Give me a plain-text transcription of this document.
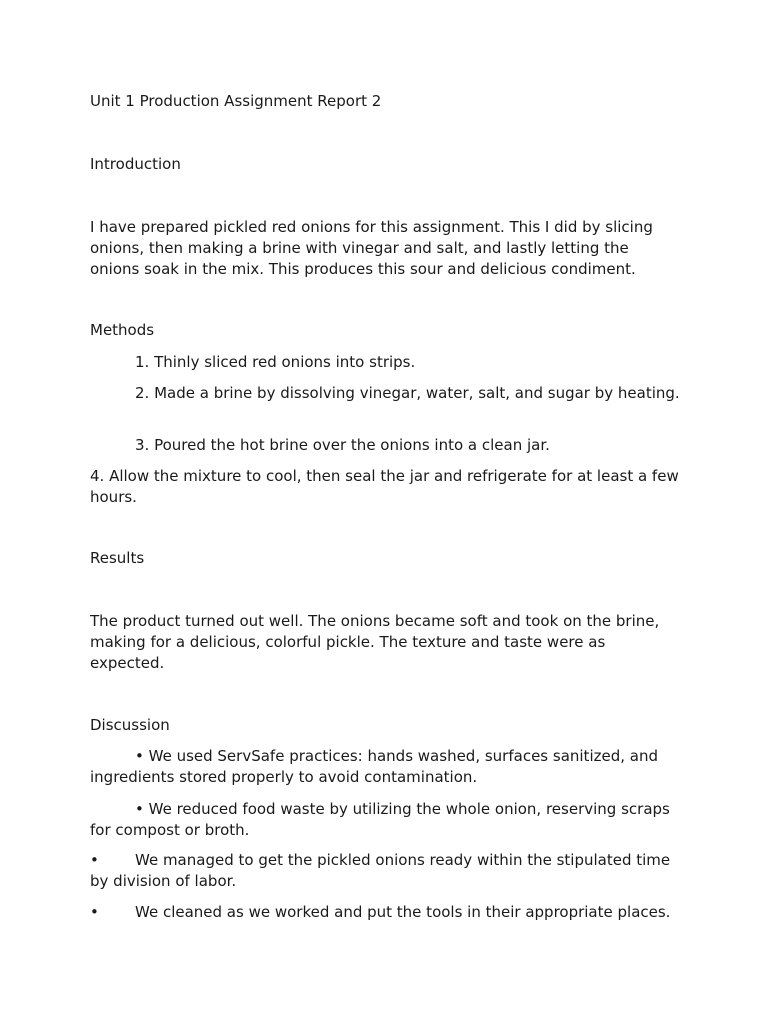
Unit 1 Production Assignment Report 2

Introduction

I have prepared pickled red onions for this assignment. This I did by slicing onions, then making a brine with vinegar and salt, and lastly letting the onions soak in the mix. This produces this sour and delicious condiment.

Methods

1. Thinly sliced red onions into strips.

2. Made a brine by dissolving vinegar, water, salt, and sugar by heating.

3. Poured the hot brine over the onions into a clean jar.

4. Allow the mixture to cool, then seal the jar and refrigerate for at least a few hours.

Results

The product turned out well. The onions became soft and took on the brine, making for a delicious, colorful pickle. The texture and taste were as expected.

Discussion

• We used ServSafe practices: hands washed, surfaces sanitized, and ingredients stored properly to avoid contamination.

• We reduced food waste by utilizing the whole onion, reserving scraps for compost or broth.

• We managed to get the pickled onions ready within the stipulated time by division of labor.

• We cleaned as we worked and put the tools in their appropriate places.
